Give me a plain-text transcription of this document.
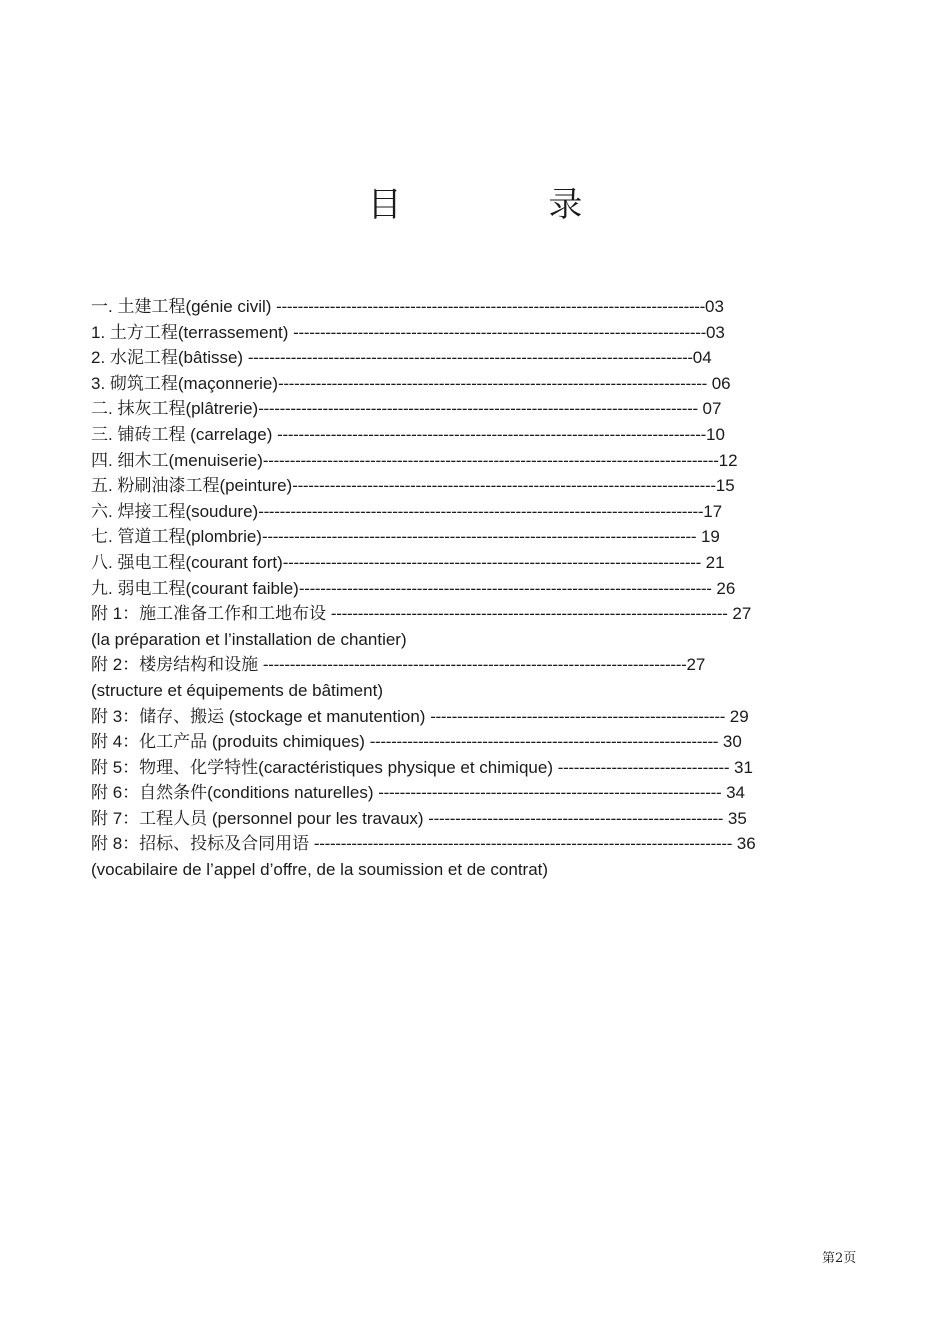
目 录
一. 土建工程(génie civil) --------------------------------------------------------------------------------03
1. 土方工程(terrassement) -----------------------------------------------------------------------------03
2. 水泥工程(bâtisse) -----------------------------------------------------------------------------------04
3. 砌筑工程(maçonnerie)-------------------------------------------------------------------------------- 06
二. 抹灰工程(plâtrerie)---------------------------------------------------------------------------------- 07
三. 铺砖工程 (carrelage) --------------------------------------------------------------------------------10
四. 细木工(menuiserie)-------------------------------------------------------------------------------------12
五. 粉刷油漆工程(peinture)-------------------------------------------------------------------------------15
六. 焊接工程(soudure)-----------------------------------------------------------------------------------17
七. 管道工程(plombrie)--------------------------------------------------------------------------------- 19
八. 强电工程(courant fort)------------------------------------------------------------------------------ 21
九. 弱电工程(courant faible)----------------------------------------------------------------------------- 26
附 1：施工准备工作和工地布设 -------------------------------------------------------------------------- 27
(la préparation et l’installation de chantier)
附 2：楼房结构和设施 -------------------------------------------------------------------------------27
(structure et équipements de bâtiment)
附 3：储存、搬运 (stockage et manutention) ------------------------------------------------------- 29
附 4：化工产品 (produits chimiques) ----------------------------------------------------------------- 30
附 5：物理、化学特性(caractéristiques physique et chimique) -------------------------------- 31
附 6：自然条件(conditions naturelles) ---------------------------------------------------------------- 34
附 7：工程人员 (personnel pour les travaux) ------------------------------------------------------- 35
附 8：招标、投标及合同用语 ------------------------------------------------------------------------------ 36
(vocabilaire de l’appel d’offre, de la soumission et de contrat)
第2页
